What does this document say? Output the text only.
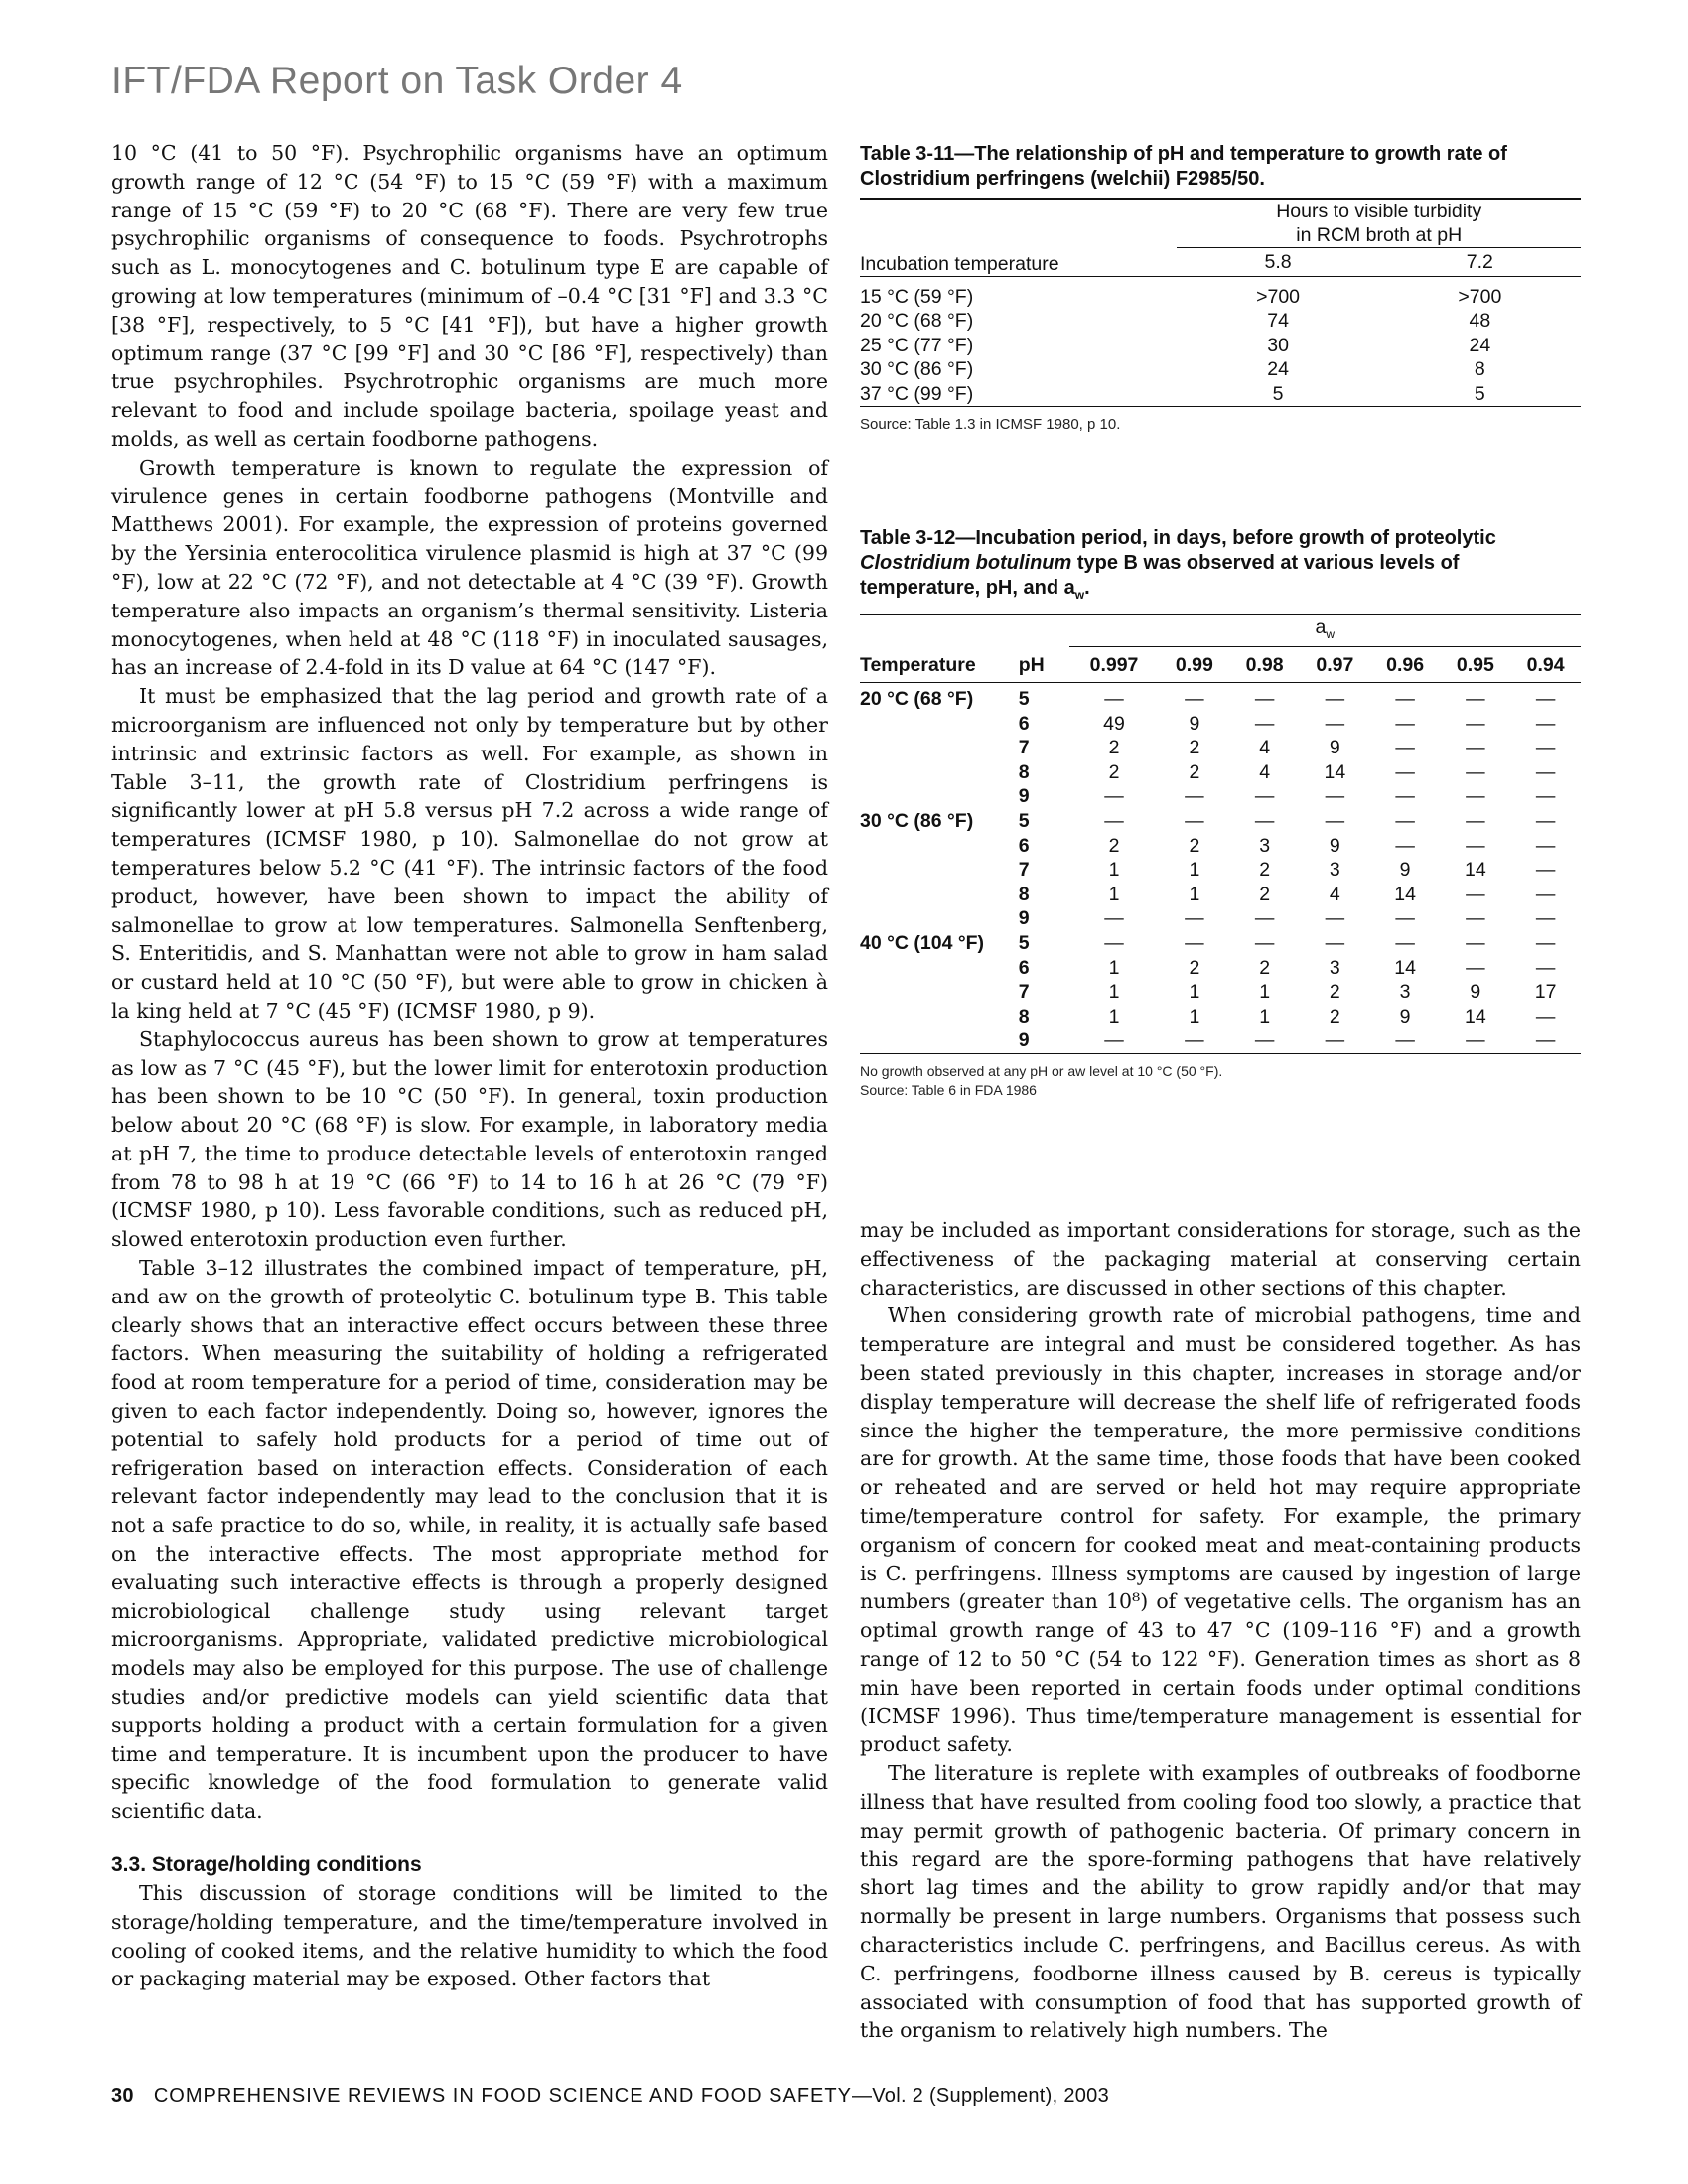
IFT/FDA Report on Task Order 4

10 °C (41 to 50 °F). Psychrophilic organisms have an optimum growth range of 12 °C (54 °F) to 15 °C (59 °F) with a maximum range of 15 °C (59 °F) to 20 °C (68 °F). There are very few true psychrophilic organisms of consequence to foods. Psychrotrophs such as L. monocytogenes and C. botulinum type E are capable of growing at low temperatures (minimum of –0.4 °C [31 °F] and 3.3 °C [38 °F], respectively, to 5 °C [41 °F]), but have a higher growth optimum range (37 °C [99 °F] and 30 °C [86 °F], respectively) than true psychrophiles. Psychrotrophic organisms are much more relevant to food and include spoilage bacteria, spoilage yeast and molds, as well as certain foodborne pathogens.

Growth temperature is known to regulate the expression of virulence genes in certain foodborne pathogens (Montville and Matthews 2001). For example, the expression of proteins governed by the Yersinia enterocolitica virulence plasmid is high at 37 °C (99 °F), low at 22 °C (72 °F), and not detectable at 4 °C (39 °F). Growth temperature also impacts an organism’s thermal sensitivity. Listeria monocytogenes, when held at 48 °C (118 °F) in inoculated sausages, has an increase of 2.4-fold in its D value at 64 °C (147 °F).

It must be emphasized that the lag period and growth rate of a microorganism are influenced not only by temperature but by other intrinsic and extrinsic factors as well. For example, as shown in Table 3–11, the growth rate of Clostridium perfringens is significantly lower at pH 5.8 versus pH 7.2 across a wide range of temperatures (ICMSF 1980, p 10). Salmonellae do not grow at temperatures below 5.2 °C (41 °F). The intrinsic factors of the food product, however, have been shown to impact the ability of salmonellae to grow at low temperatures. Salmonella Senftenberg, S. Enteritidis, and S. Manhattan were not able to grow in ham salad or custard held at 10 °C (50 °F), but were able to grow in chicken à la king held at 7 °C (45 °F) (ICMSF 1980, p 9).

Staphylococcus aureus has been shown to grow at temperatures as low as 7 °C (45 °F), but the lower limit for enterotoxin production has been shown to be 10 °C (50 °F). In general, toxin production below about 20 °C (68 °F) is slow. For example, in laboratory media at pH 7, the time to produce detectable levels of enterotoxin ranged from 78 to 98 h at 19 °C (66 °F) to 14 to 16 h at 26 °C (79 °F) (ICMSF 1980, p 10). Less favorable conditions, such as reduced pH, slowed enterotoxin production even further.

Table 3–12 illustrates the combined impact of temperature, pH, and aw on the growth of proteolytic C. botulinum type B. This table clearly shows that an interactive effect occurs between these three factors. When measuring the suitability of holding a refrigerated food at room temperature for a period of time, consideration may be given to each factor independently. Doing so, however, ignores the potential to safely hold products for a period of time out of refrigeration based on interaction effects. Consideration of each relevant factor independently may lead to the conclusion that it is not a safe practice to do so, while, in reality, it is actually safe based on the interactive effects. The most appropriate method for evaluating such interactive effects is through a properly designed microbiological challenge study using relevant target microorganisms. Appropriate, validated predictive microbiological models may also be employed for this purpose. The use of challenge studies and/or predictive models can yield scientific data that supports holding a product with a certain formulation for a given time and temperature. It is incumbent upon the producer to have specific knowledge of the food formulation to generate valid scientific data.

3.3. Storage/holding conditions

This discussion of storage conditions will be limited to the storage/holding temperature, and the time/temperature involved in cooling of cooked items, and the relative humidity to which the food or packaging material may be exposed. Other factors that

Table 3-11—The relationship of pH and temperature to growth rate of Clostridium perfringens (welchii) F2985/50.
	Hours to visible turbidity	
	in RCM broth at pH	
Incubation temperature	5.8	7.2
15 °C (59 °F)	>700	>700
20 °C (68 °F)	74	48
25 °C (77 °F)	30	24
30 °C (86 °F)	24	8
37 °C (99 °F)	5	5
Source: Table 1.3 in ICMSF 1980, p 10.
Table 3-12—Incubation period, in days, before growth of proteolytic Clostridium botulinum type B was observed at various levels of temperature, pH, and $a_w$.
		$a_w$
Temperature	pH	0.997	0.99	0.98	0.97	0.96	0.95	0.94
20 °C (68 °F)	5	—	—	—	—	—	—	—
	6	49	9	—	—	—	—	—
	7	2	2	4	9	—	—	—
	8	2	2	4	14	—	—	—
	9	—	—	—	—	—	—	—
30 °C (86 °F)	5	—	—	—	—	—	—	—
	6	2	2	3	9	—	—	—
	7	1	1	2	3	9	14	—
	8	1	1	2	4	14	—	—
	9	—	—	—	—	—	—	—
40 °C (104 °F)	5	—	—	—	—	—	—	—
	6	1	2	2	3	14	—	—
	7	1	1	1	2	3	9	17
	8	1	1	1	2	9	14	—
	9	—	—	—	—	—	—	—
No growth observed at any pH or aw level at 10 °C (50 °F).
Source: Table 6 in FDA 1986

may be included as important considerations for storage, such as the effectiveness of the packaging material at conserving certain characteristics, are discussed in other sections of this chapter.

When considering growth rate of microbial pathogens, time and temperature are integral and must be considered together. As has been stated previously in this chapter, increases in storage and/or display temperature will decrease the shelf life of refrigerated foods since the higher the temperature, the more permissive conditions are for growth. At the same time, those foods that have been cooked or reheated and are served or held hot may require appropriate time/temperature control for safety. For example, the primary organism of concern for cooked meat and meat-containing products is C. perfringens. Illness symptoms are caused by ingestion of large numbers (greater than 10⁸) of vegetative cells. The organism has an optimal growth range of 43 to 47 °C (109–116 °F) and a growth range of 12 to 50 °C (54 to 122 °F). Generation times as short as 8 min have been reported in certain foods under optimal conditions (ICMSF 1996). Thus time/temperature management is essential for product safety.

The literature is replete with examples of outbreaks of foodborne illness that have resulted from cooling food too slowly, a practice that may permit growth of pathogenic bacteria. Of primary concern in this regard are the spore-forming pathogens that have relatively short lag times and the ability to grow rapidly and/or that may normally be present in large numbers. Organisms that possess such characteristics include C. perfringens, and Bacillus cereus. As with C. perfringens, foodborne illness caused by B. cereus is typically associated with consumption of food that has supported growth of the organism to relatively high numbers. The

30 COMPREHENSIVE REVIEWS IN FOOD SCIENCE AND FOOD SAFETY—Vol. 2 (Supplement), 2003
